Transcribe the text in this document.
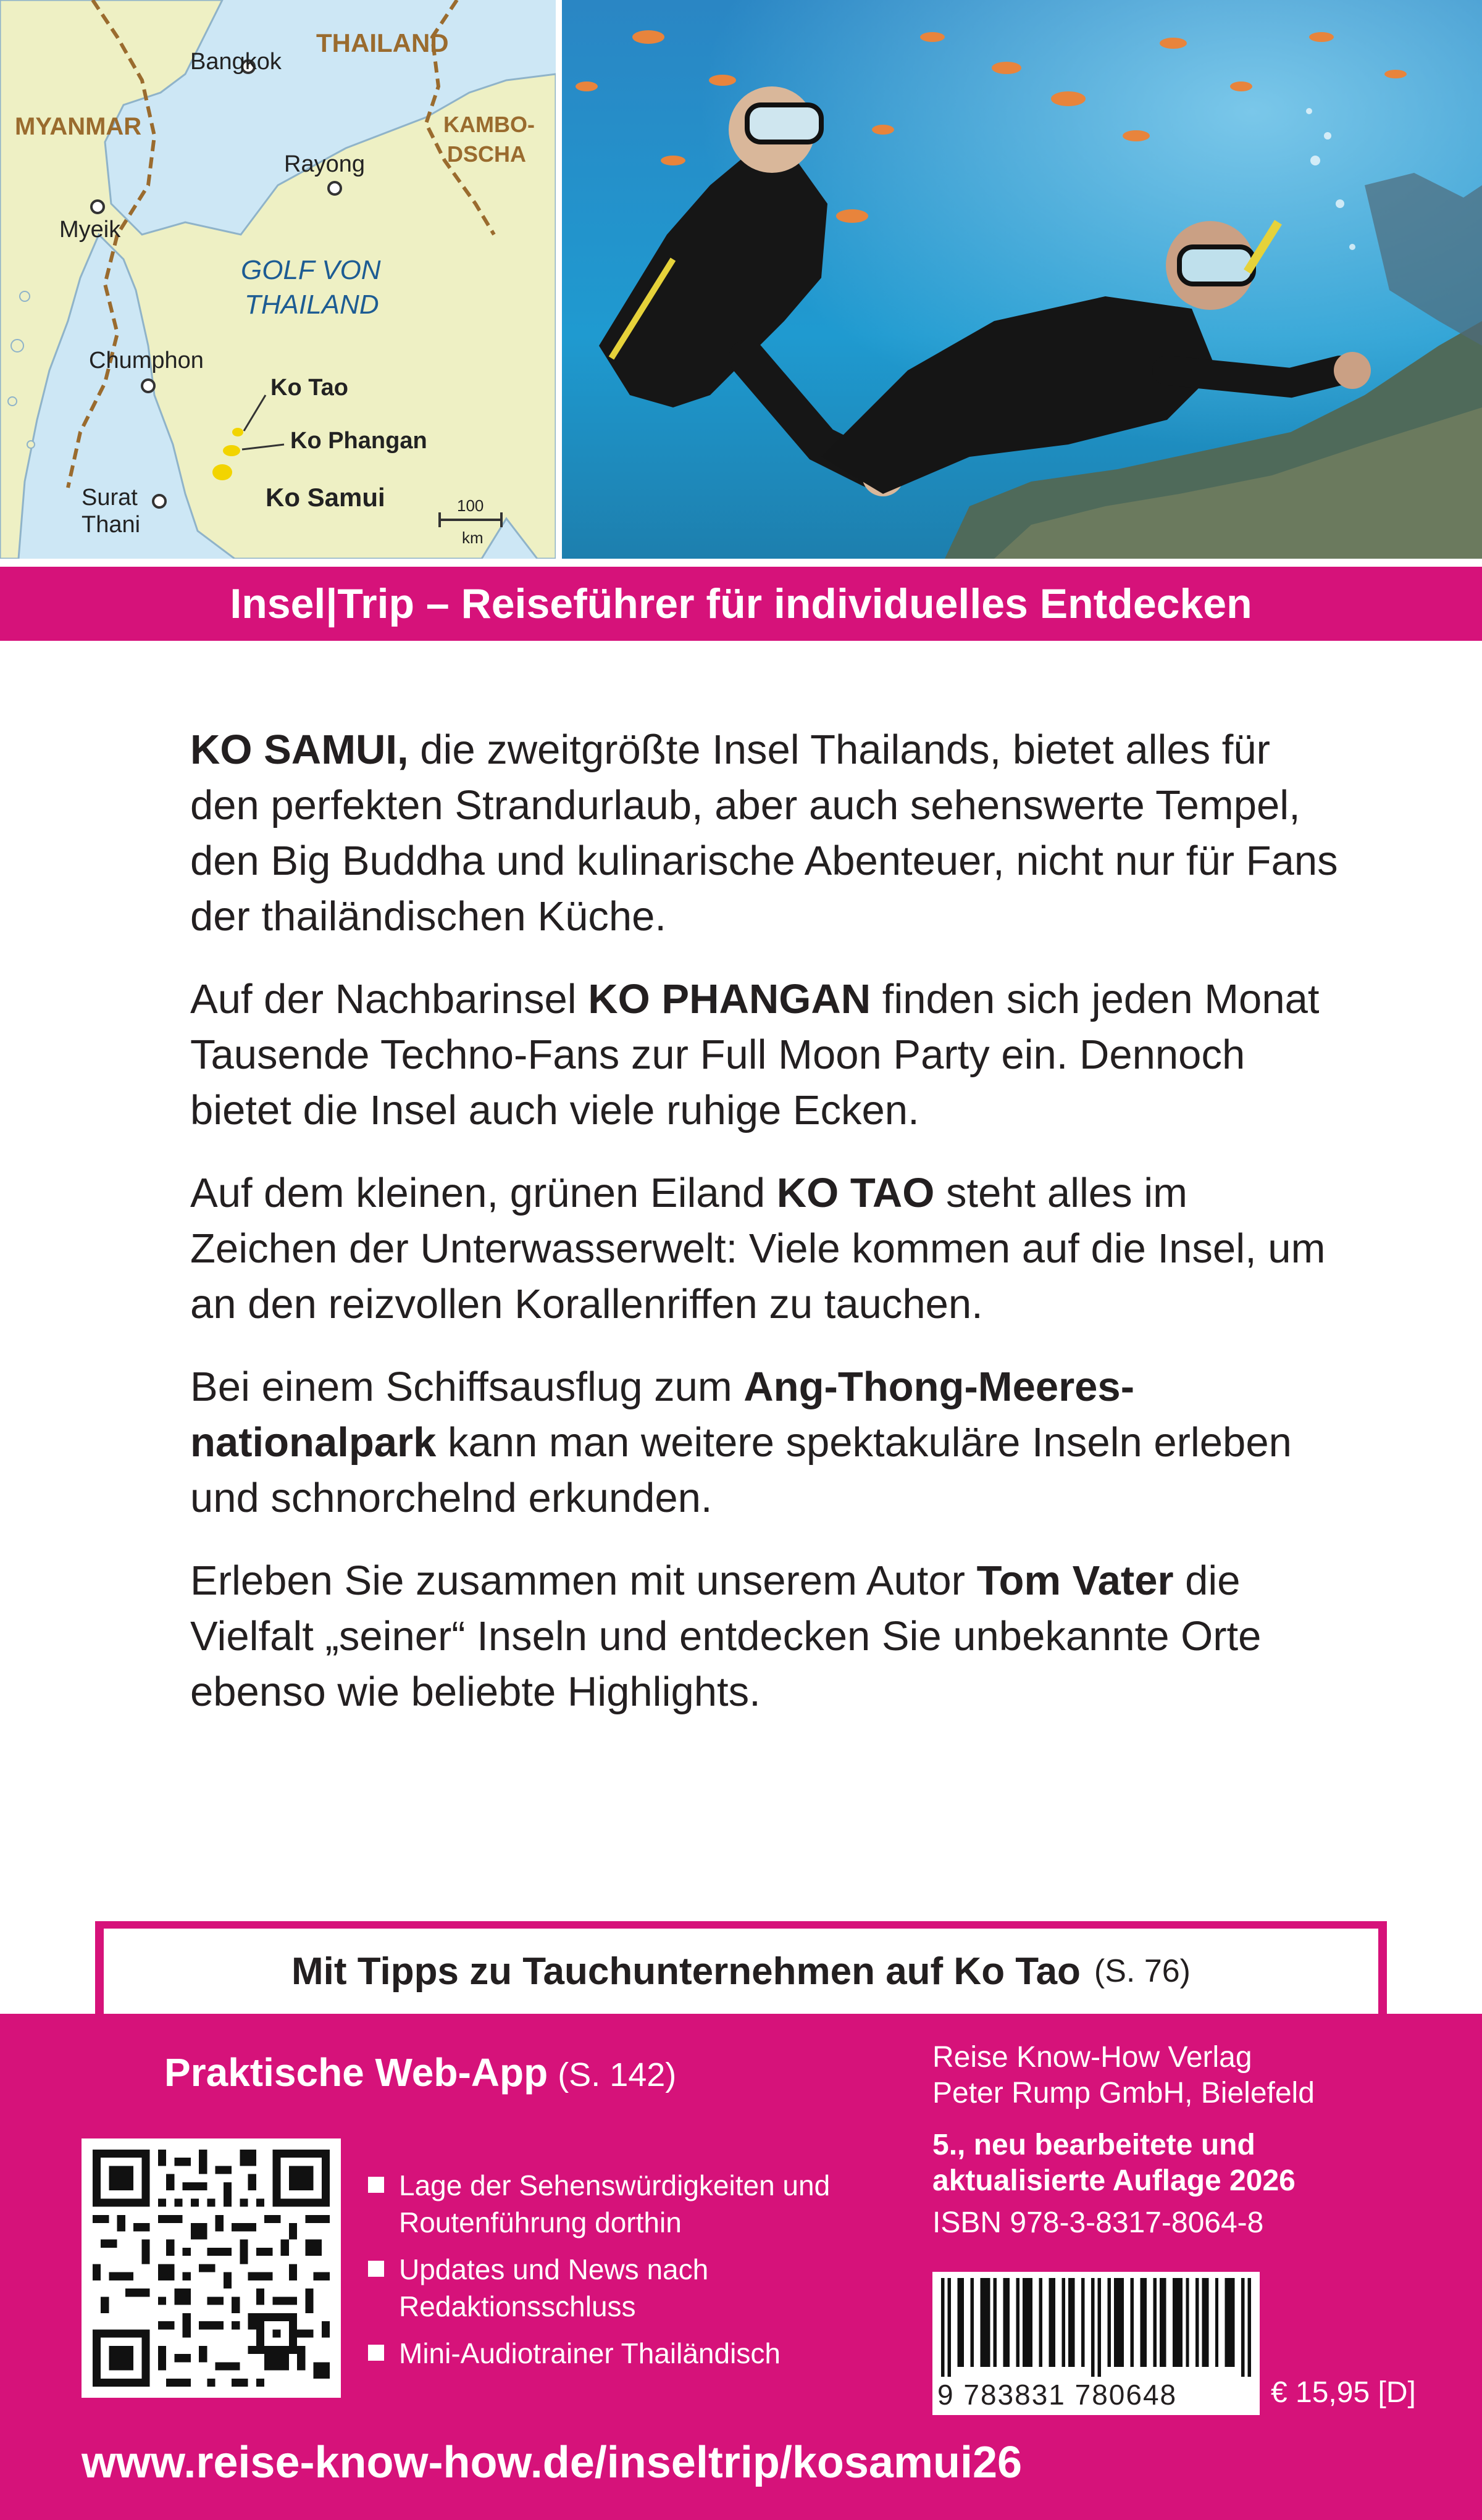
THAILAND
MYANMAR	KAMBO-
DSCHA
Bangkok
Rayong
Myeik
Chumphon
Surat
Thani
GOLF VON
THAILAND
Ko Tao
Ko Phangan
Ko Samui	100
km
Insel|Trip – Reiseführer für individuelles Entdecken

KO SAMUI, die zweitgrößte Insel Thailands, bietet alles für den perfekten Strandurlaub, aber auch sehenswerte Tempel, den Big Buddha und kulinarische Abenteuer, nicht nur für Fans der thailändischen Küche.

Auf der Nachbarinsel KO PHANGAN finden sich jeden Monat Tausende Techno-Fans zur Full Moon Party ein. Dennoch bietet die Insel auch viele ruhige Ecken.

Auf dem kleinen, grünen Eiland KO TAO steht alles im Zeichen der Unterwasserwelt: Viele kommen auf die Insel, um an den reizvollen Korallenriffen zu tauchen.

Bei einem Schiffsausflug zum Ang-Thong-Meeresnationalpark kann man weitere spektakuläre Inseln erleben und schnorchelnd erkunden.

Erleben Sie zusammen mit unserem Autor Tom Vater die Vielfalt „seiner“ Inseln und entdecken Sie unbekannte Orte ebenso wie beliebte Highlights.

Mit Tipps zu Tauchunternehmen auf Ko Tao (S. 76)
Praktische Web-App (S. 142)
Lage der Sehenswürdigkeiten und Routenführung dorthin
Updates und News nach Redaktionsschluss
Mini-Audiotrainer Thailändisch
Reise Know-How Verlag
Peter Rump GmbH, Bielefeld
5., neu bearbeitete und
aktualisierte Auflage 2026
ISBN 978-3-8317-8064-8
9 783831 780648	€ 15,95 [D]
www.reise-know-how.de/inseltrip/kosamui26
